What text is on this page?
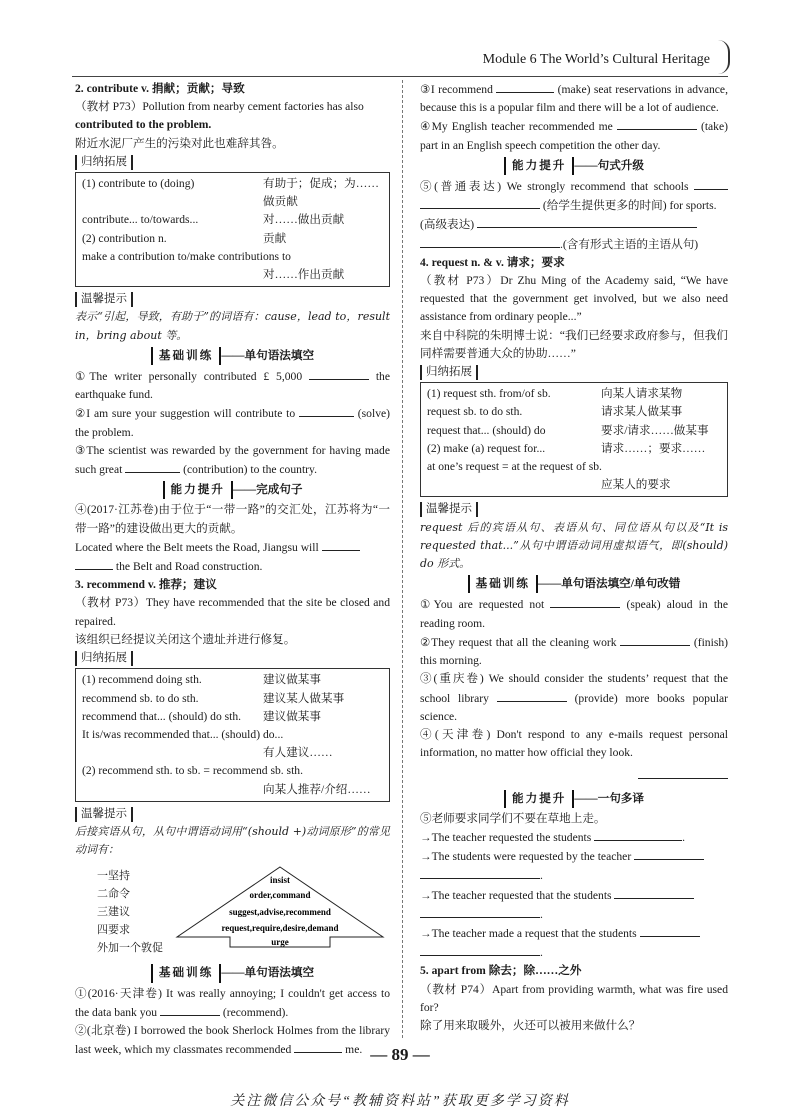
Module 6 The World’s Cultural Heritage

2. contribute v. 捐献；贡献；导致

（教材 P73）Pollution from nearby cement factories has also

contributed to the problem.

附近水泥厂产生的污染对此也难辞其咎。

归纳拓展
(1) contribute to (doing)	有助于；促成；为……做贡献
contribute... to/towards...	对……做出贡献
(2) contribution n.	贡献
make a contribution to/make contributions to
对……作出贡献
温馨提示

表示“引起，导致，有助于”的词语有：cause，lead to，result in，bring about 等。

基础训练 ——单句语法填空

①The writer personally contributed £ 5,000	the earthquake fund.

②I am sure your suggestion will contribute to	(solve) the problem.

③The scientist was rewarded by the government for having made such great	(contribution) to the country.

能力提升 ——完成句子

④(2017·江苏卷)由于位于“一带一路”的交汇处，江苏将为“一带一路”的建设做出更大的贡献。

Located where the Belt meets the Road, Jiangsu will

the Belt and Road construction.

3. recommend v. 推荐；建议

（教材 P73）They have recommended that the site be closed and repaired.

该组织已经提议关闭这个遗址并进行修复。

归纳拓展
(1) recommend doing sth.	建议做某事
recommend sb. to do sth.	建议某人做某事
recommend that... (should) do sth.	建议做某事
It is/was recommended that... (should) do...
有人建议……
(2) recommend sth. to sb. = recommend sb. sth.
向某人推荐/介绍……
温馨提示

后接宾语从句，从句中谓语动词用“(should +)动词原形”的常见动词有：

一坚持
二命令
三建议
四要求
外加一个敦促
insist
order,command
suggest,advise,recommend
request,require,desire,demand
urge
基础训练 ——单句语法填空

①(2016·天津卷) It was really annoying; I couldn't get access to the data bank you	(recommend).

②(北京卷) I borrowed the book Sherlock Holmes from the library last week, which my classmates recommended	me.

③I recommend	(make) seat reservations in advance, because this is a popular film and there will be a lot of audience.

④My English teacher recommended me	(take) part in an English speech competition the other day.

能力提升 ——句式升级

⑤(普通表达) We strongly recommend that schools   (给学生提供更多的时间) for sports.

(高级表达)

.(含有形式主语的主语从句)

4. request n. & v. 请求；要求

（教材 P73）Dr Zhu Ming of the Academy said, “We have requested that the government get involved, but we also need assistance from ordinary people...”

来自中科院的朱明博士说：“我们已经要求政府参与，但我们同样需要普通大众的协助……”

归纳拓展
(1) request sth. from/of sb.	向某人请求某物
request sb. to do sth.	请求某人做某事
request that... (should) do	要求/请求……做某事
(2) make (a) request for...	请求……；要求……
at one’s request = at the request of sb.
应某人的要求
温馨提示

request 后的宾语从句、表语从句、同位语从句以及“It is requested that...”从句中谓语动词用虚拟语气，即(should) do 形式。

基础训练 ——单句语法填空/单句改错

①You are requested not	(speak) aloud in the reading room.

②They request that all the cleaning work	(finish) this morning.

③(重庆卷) We should consider the students’ request that the school library	(provide) more books popular science.

④(天津卷) Don't respond to any e-mails request personal information, no matter how official they look.

能力提升 ——一句多译

⑤老师要求同学们不要在草地上走。

→The teacher requested the students	.

→The students were requested by the teacher

.

→The teacher requested that the students

.

→The teacher made a request that the students

.

5. apart from 除去；除……之外

（教材 P74）Apart from providing warmth, what was fire used for?

除了用来取暖外，火还可以被用来做什么？

— 89 —
关注微信公众号“教辅资料站”获取更多学习资料
